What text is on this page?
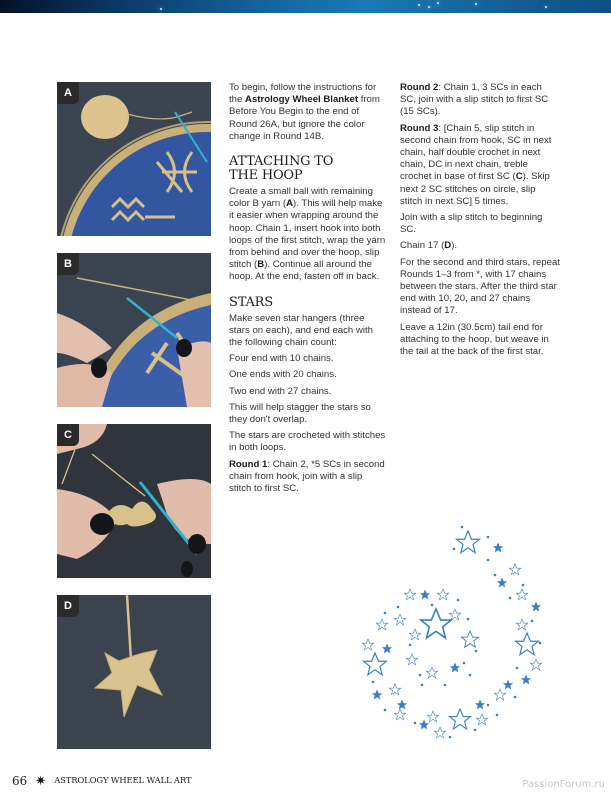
A
B
C
D

To begin, follow the instructions for the Astrology Wheel Blanket from Before You Begin to the end of Round 26A, but ignore the color change in Round 14B.

ATTACHING TO THE HOOP

Create a small ball with remaining color B yarn (A). This will help make it easier when wrapping around the hoop. Chain 1, insert hook into both loops of the first stitch, wrap the yarn from behind and over the hoop, slip stitch (B). Continue all around the hoop. At the end, fasten off in back.

STARS

Make seven star hangers (three stars on each), and end each with the following chain count:

Four end with 10 chains.

One ends with 20 chains.

Two end with 27 chains.

This will help stagger the stars so they don't overlap.

The stars are crocheted with stitches in both loops.

Round 1: Chain 2, *5 SCs in second chain from hook, join with a slip stitch to first SC.

Round 2: Chain 1, 3 SCs in each SC, join with a slip stitch to first SC (15 SCs).

Round 3: [Chain 5, slip stitch in second chain from hook, SC in next chain, half double crochet in next chain, DC in next chain, treble crochet in base of first SC (C). Skip next 2 SC stitches on circle, slip stitch in next SC] 5 times.

Join with a slip stitch to beginning SC.

Chain 17 (D).

For the second and third stars, repeat Rounds 1–3 from *, with 17 chains between the stars. After the third star end with 10, 20, and 27 chains instead of 17.

Leave a 12in (30.5cm) tail end for attaching to the hoop, but weave in the tail at the back of the first star.

66 ✷ ASTROLOGY WHEEL WALL ART	PassionForum.ru
